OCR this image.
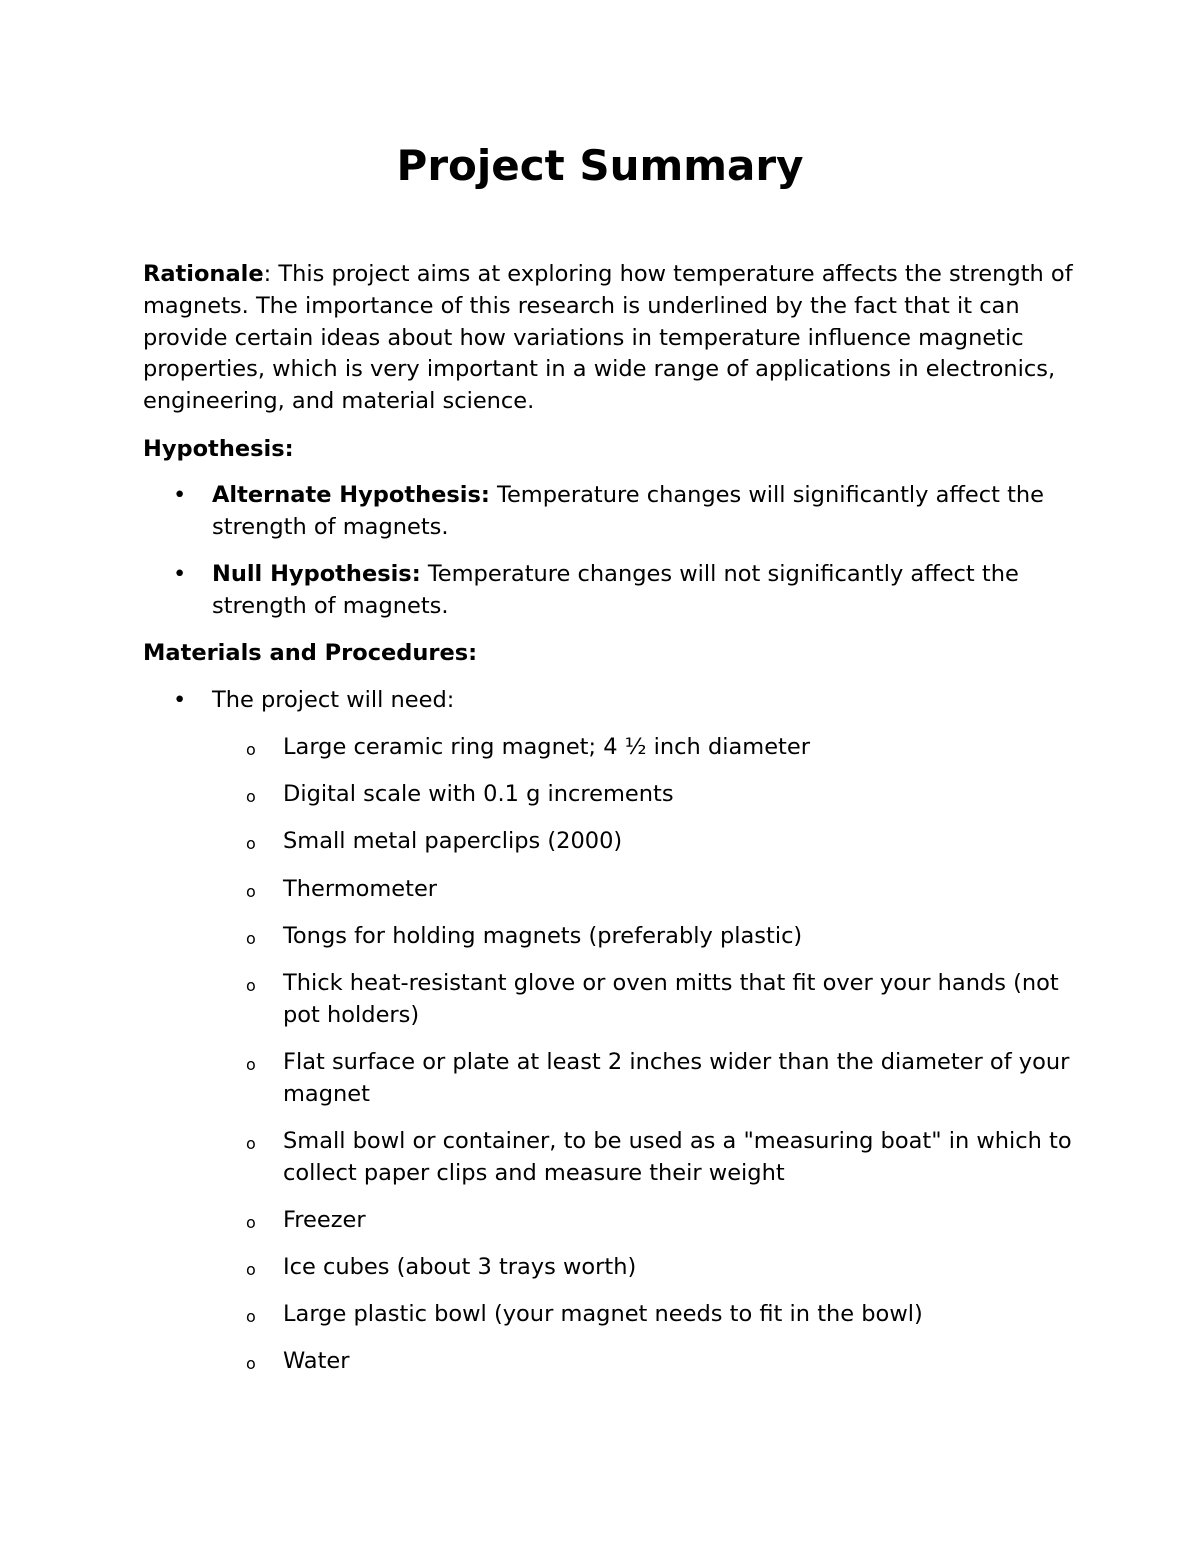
Project Summary

Rationale: This project aims at exploring how temperature affects the strength of magnets. The importance of this research is underlined by the fact that it can provide certain ideas about how variations in temperature influence magnetic properties, which is very important in a wide range of applications in electronics, engineering, and material science.

Hypothesis:

• Alternate Hypothesis: Temperature changes will significantly affect the strength of magnets.
• Null Hypothesis: Temperature changes will not significantly affect the strength of magnets.

Materials and Procedures:

• The project will need:
o Large ceramic ring magnet; 4 ½ inch diameter
o Digital scale with 0.1 g increments
o Small metal paperclips (2000)
o Thermometer
o Tongs for holding magnets (preferably plastic)
o Thick heat-resistant glove or oven mitts that fit over your hands (not pot holders)
o Flat surface or plate at least 2 inches wider than the diameter of your magnet
o Small bowl or container, to be used as a "measuring boat" in which to collect paper clips and measure their weight
o Freezer
o Ice cubes (about 3 trays worth)
o Large plastic bowl (your magnet needs to fit in the bowl)
o Water
